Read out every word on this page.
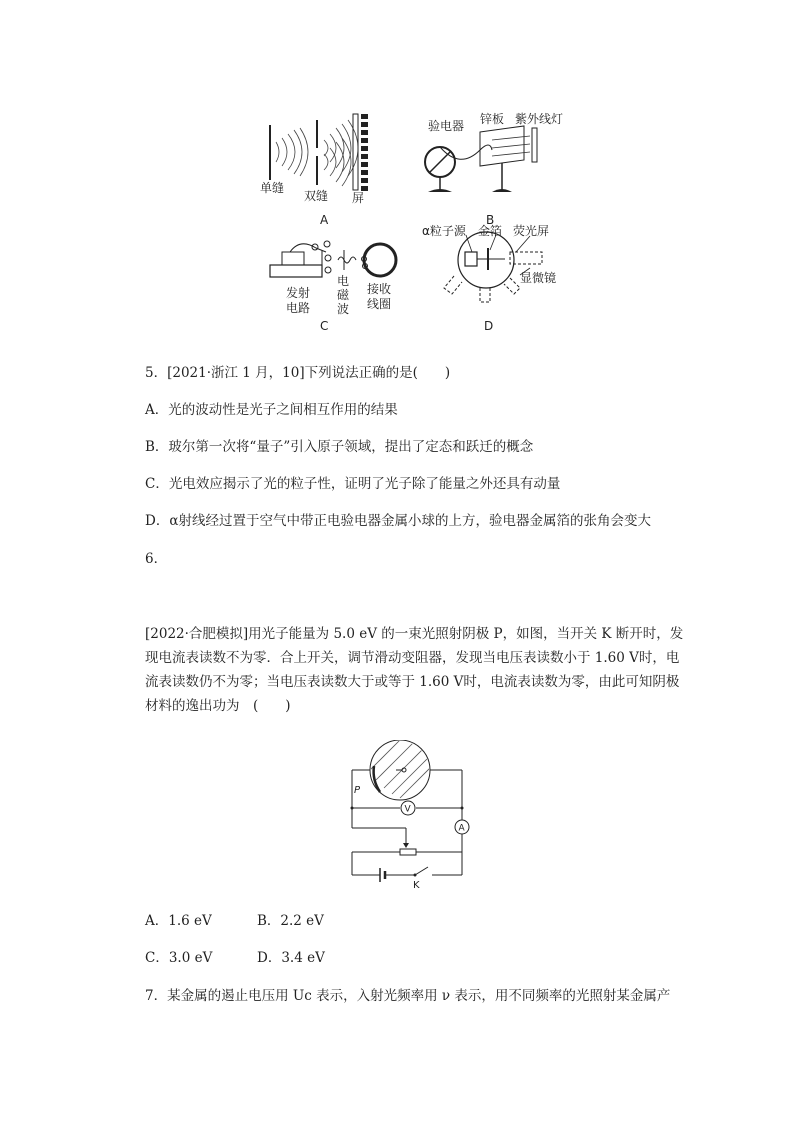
单缝
双缝 屏
A
验电器 锌板 紫外线灯
B
发射
电路
电
磁
波
接收
线圈
C
α粒子源 金箔 荧光屏
显微镜
D
5．[2021·浙江 1 月，10]下列说法正确的是(　　)
A．光的波动性是光子之间相互作用的结果
B．玻尔第一次将“量子”引入原子领域，提出了定态和跃迁的概念
C．光电效应揭示了光的粒子性，证明了光子除了能量之外还具有动量
D．α射线经过置于空气中带正电验电器金属小球的上方，验电器金属箔的张角会变大
6．
[2022·合肥模拟]用光子能量为 5.0 eV 的一束光照射阴极 P，如图，当开关 K 断开时，发现电流表读数不为零．合上开关，调节滑动变阻器，发现当电压表读数小于 1.60 V时，电流表读数仍不为零；当电压表读数大于或等于 1.60 V时，电流表读数为零，由此可知阴极材料的逸出功为　(　　)
P
V
A
K
A．1.6 eV	B．2.2 eV
C．3.0 eV	D．3.4 eV
7．某金属的遏止电压用 Uc 表示，入射光频率用 ν 表示，用不同频率的光照射某金属产
